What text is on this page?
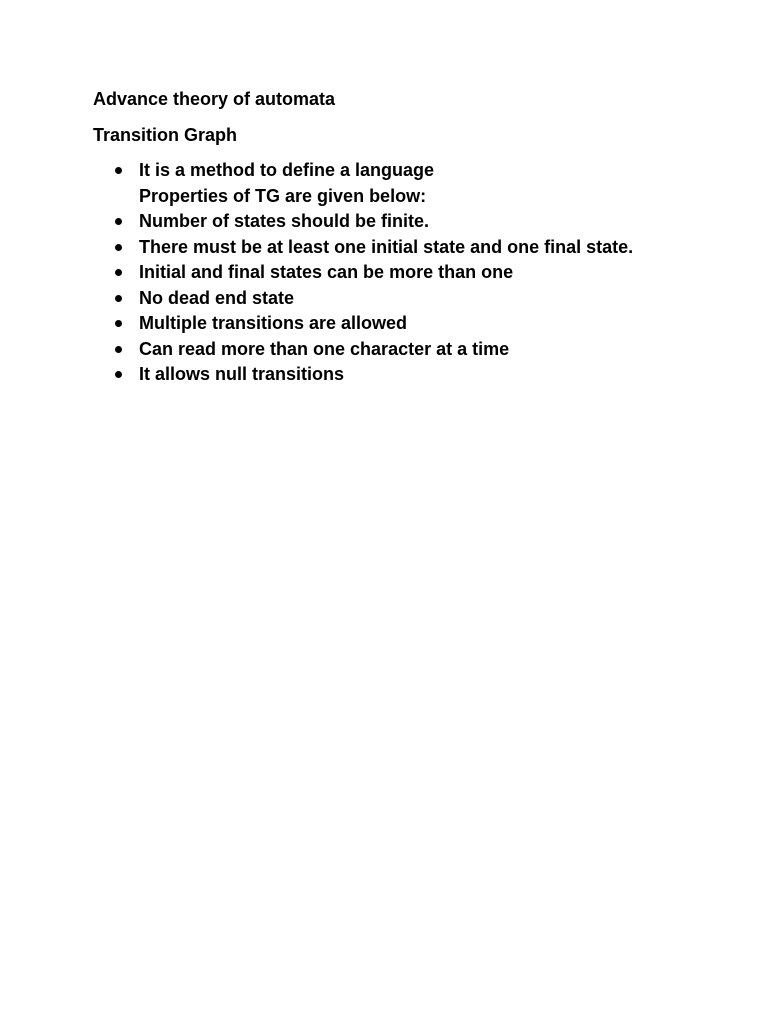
Advance theory of automata
Transition Graph
It is a method to define a language
Properties of TG are given below:
Number of states should be finite.
There must be at least one initial state and one final state.
Initial and final states can be more than one
No dead end state
Multiple transitions are allowed
Can read more than one character at a time
It allows null transitions
